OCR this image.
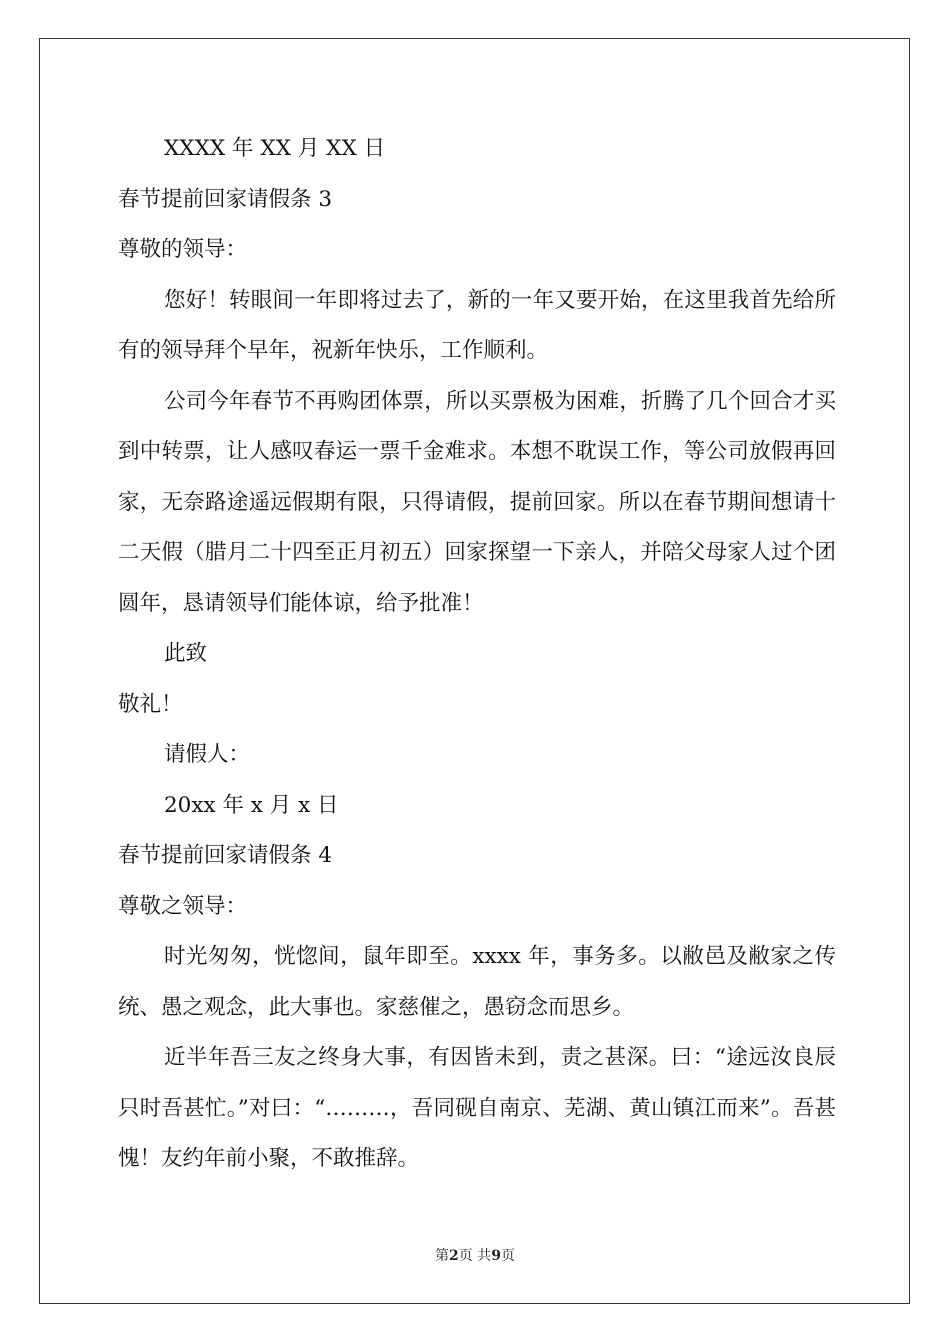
XXXX 年 XX 月 XX 日
春节提前回家请假条 3
尊敬的领导：
您好！转眼间一年即将过去了，新的一年又要开始，在这里我首先给所有的领导拜个早年，祝新年快乐，工作顺利。
公司今年春节不再购团体票，所以买票极为困难，折腾了几个回合才买到中转票，让人感叹春运一票千金难求。本想不耽误工作，等公司放假再回家，无奈路途遥远假期有限，只得请假，提前回家。所以在春节期间想请十二天假（腊月二十四至正月初五）回家探望一下亲人，并陪父母家人过个团圆年，恳请领导们能体谅，给予批准！
此致
敬礼！
请假人：
20xx 年 x 月 x 日
春节提前回家请假条 4
尊敬之领导：
时光匆匆，恍惚间，鼠年即至。xxxx 年，事务多。以敝邑及敝家之传统、愚之观念，此大事也。家慈催之，愚窃念而思乡。
近半年吾三友之终身大事，有因皆未到，责之甚深。曰：“途远汝良辰只时吾甚忙。”对曰：“………，吾同砚自南京、芜湖、黄山镇江而来”。吾甚愧！友约年前小聚，不敢推辞。
第2页 共9页
